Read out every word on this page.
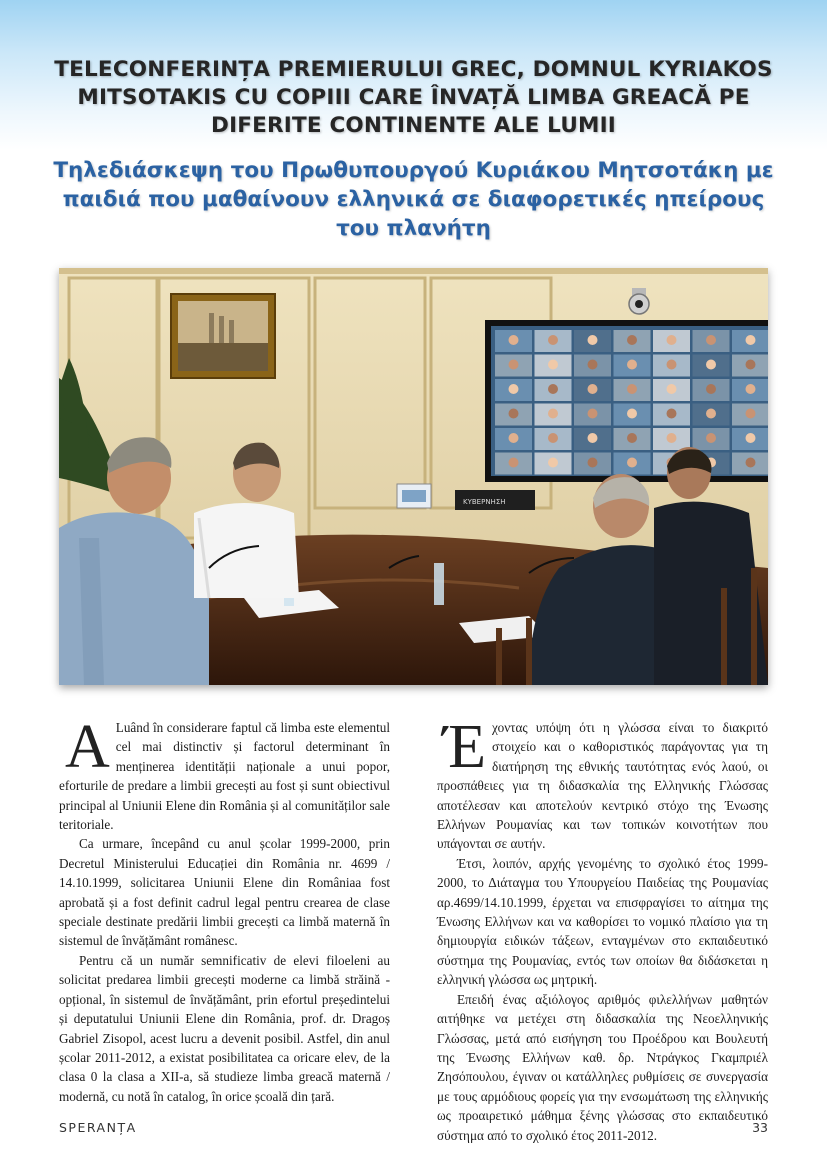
TELECONFERINȚA PREMIERULUI GREC, DOMNUL KYRIAKOS MITSOTAKIS CU COPIII CARE ÎNVAȚĂ LIMBA GREACĂ PE DIFERITE CONTINENTE ALE LUMII
Τηλεδιάσκεψη του Πρωθυπουργού Κυριάκου Μητσοτάκη με παιδιά που μαθαίνουν ελληνικά σε διαφορετικές ηπείρους του πλανήτη
ΚΥΒΕΡΝΗΣΗ

A Luând în considerare faptul că limba este elementul cel mai distinctiv și factorul determinant în menținerea identității naționale a unui popor, eforturile de predare a limbii grecești au fost și sunt obiectivul principal al Uniunii Elene din România și al comunităților sale teritoriale.

Ca urmare, începând cu anul școlar 1999-2000, prin Decretul Ministerului Educației din România nr. 4699 / 14.10.1999, solicitarea Uniunii Elene din Româniaa fost aprobată și a fost definit cadrul legal pentru crearea de clase speciale destinate predării limbii grecești ca limbă maternă în sistemul de învățământ românesc.

Pentru că un număr semnificativ de elevi filoeleni au solicitat predarea limbii grecești moderne ca limbă străină - opțional, în sistemul de învățământ, prin efortul președintelui și deputatului Uniunii Elene din România, prof. dr. Dragoș Gabriel Zisopol, acest lucru a devenit posibil. Astfel, din anul școlar 2011-2012, a existat posibilitatea ca oricare elev, de la clasa 0 la clasa a XII-a, să studieze limba greacă maternă / modernă, cu notă în catalog, în orice școală din țară.

Έχοντας υπόψη ότι η γλώσσα είναι το διακριτό στοιχείο και ο καθοριστικός παράγοντας για τη διατήρηση της εθνικής ταυτότητας ενός λαού, οι προσπάθειες για τη διδασκαλία της Ελληνικής Γλώσσας αποτέλεσαν και αποτελούν κεντρικό στόχο της Ένωσης Ελλήνων Ρουμανίας και των τοπικών κοινοτήτων που υπάγονται σε αυτήν.

Έτσι, λοιπόν, αρχής γενομένης το σχολικό έτος 1999-2000, το Διάταγμα του Υπουργείου Παιδείας της Ρουμανίας αρ.4699/14.10.1999, έρχεται να επισφραγίσει το αίτημα της Ένωσης Ελλήνων και να καθορίσει το νομικό πλαίσιο για τη δημιουργία ειδικών τάξεων, ενταγμένων στο εκπαιδευτικό σύστημα της Ρουμανίας, εντός των οποίων θα διδάσκεται η ελληνική γλώσσα ως μητρική.

Επειδή ένας αξιόλογος αριθμός φιλελλήνων μαθητών αιτήθηκε να μετέχει στη διδασκαλία της Νεοελληνικής Γλώσσας, μετά από εισήγηση του Προέδρου και Βουλευτή της Ένωσης Ελλήνων καθ. δρ. Ντράγκος Γκαμπριέλ Ζησόπουλου, έγιναν οι κατάλληλες ρυθμίσεις σε συνεργασία με τους αρμόδιους φορείς για την ενσωμάτωση της ελληνικής ως προαιρετικό μάθημα ξένης γλώσσας στο εκπαιδευτικό σύστημα από το σχολικό έτος 2011-2012.

SPERANȚA	33
